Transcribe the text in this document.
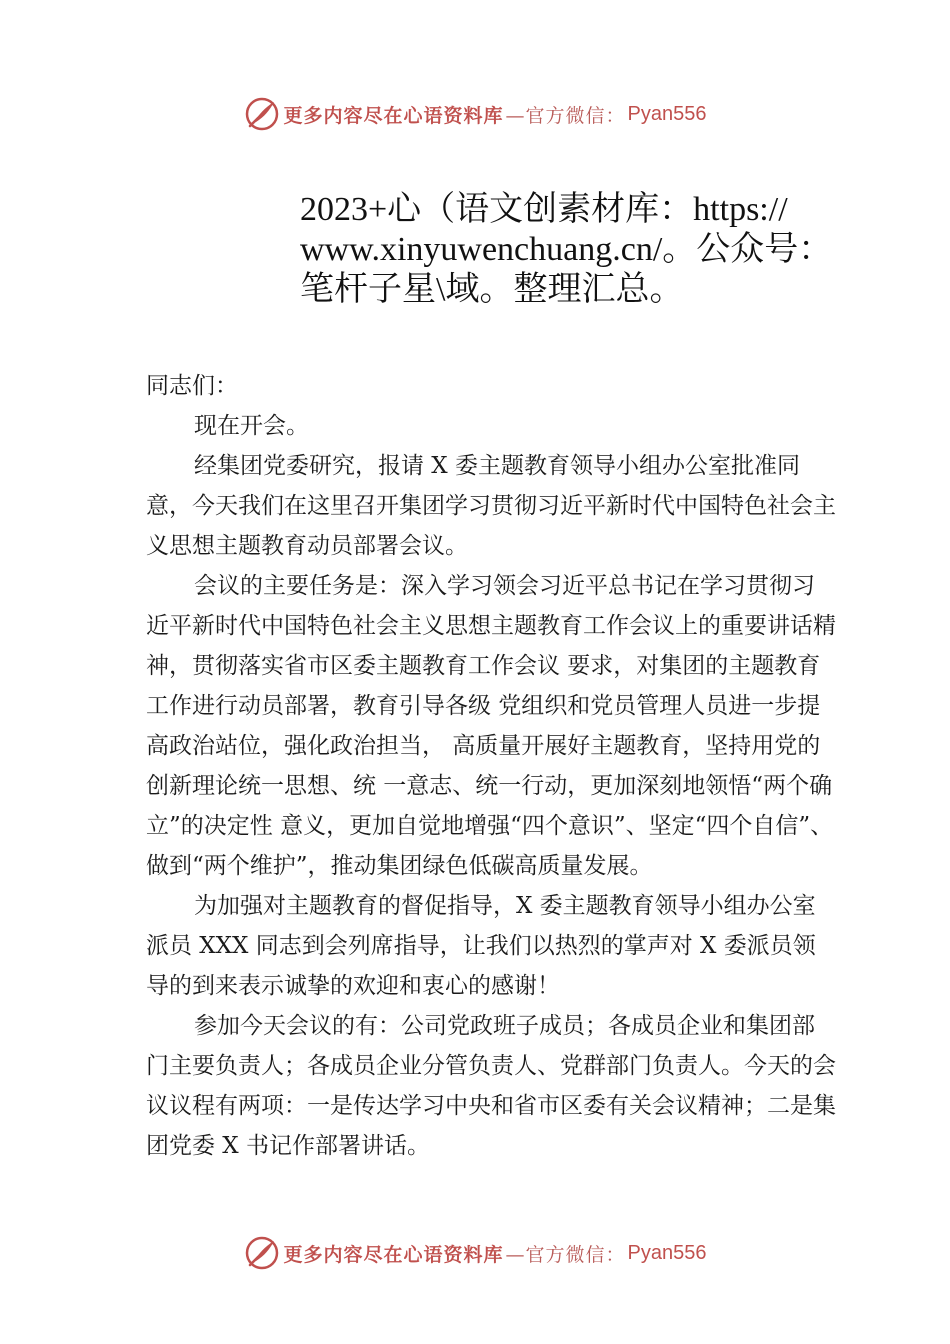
更多内容尽在心语资料库 —官方微信： Pyan556
2023+心（语文创素材库：https://
www.xinyuwenchuang.cn/。公众号：
笔杆子星\域。整理汇总。

同志们：

现在开会。

经集团党委研究，报请 X 委主题教育领导小组办公室批准同意，今天我们在这里召开集团学习贯彻习近平新时代中国特色社会主义思想主题教育动员部署会议。

会议的主要任务是：深入学习领会习近平总书记在学习贯彻习近平新时代中国特色社会主义思想主题教育工作会议上的重要讲话精神，贯彻落实省市区委主题教育工作会议 要求，对集团的主题教育工作进行动员部署，教育引导各级 党组织和党员管理人员进一步提高政治站位，强化政治担当， 高质量开展好主题教育，坚持用党的创新理论统一思想、统 一意志、统一行动，更加深刻地领悟“两个确立”的决定性 意义，更加自觉地增强“四个意识”、坚定“四个自信”、做到“两个维护”，推动集团绿色低碳高质量发展。

为加强对主题教育的督促指导，X 委主题教育领导小组办公室派员 XXX 同志到会列席指导，让我们以热烈的掌声对 X 委派员领导的到来表示诚挚的欢迎和衷心的感谢！

参加今天会议的有：公司党政班子成员；各成员企业和集团部门主要负责人；各成员企业分管负责人、党群部门负责人。今天的会议议程有两项：一是传达学习中央和省市区委有关会议精神；二是集团党委 X 书记作部署讲话。

更多内容尽在心语资料库 —官方微信： Pyan556
